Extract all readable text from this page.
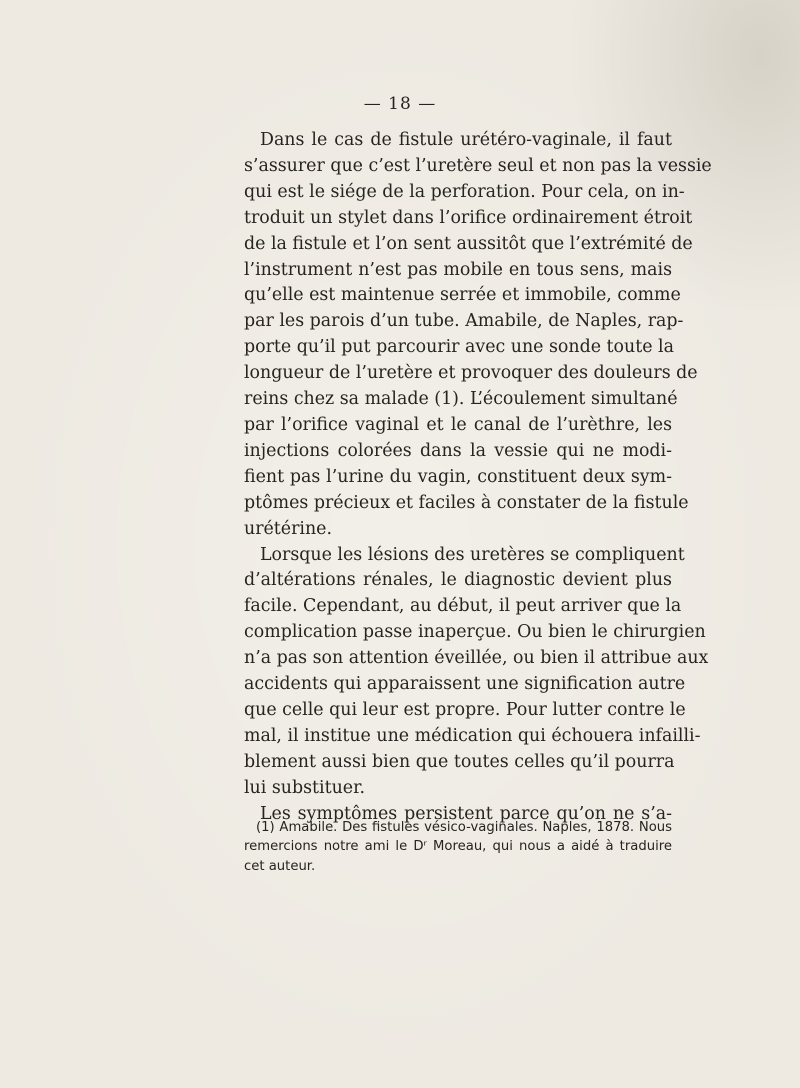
— 18 —
Dans le cas de fistule urétéro-vaginale, il faut
s’assurer que c’est l’uretère seul et non pas la vessie
qui est le siége de la perforation. Pour cela, on in-
troduit un stylet dans l’orifice ordinairement étroit
de la fistule et l’on sent aussitôt que l’extrémité de
l’instrument n’est pas mobile en tous sens, mais
qu’elle est maintenue serrée et immobile, comme
par les parois d’un tube. Amabile, de Naples, rap-
porte qu’il put parcourir avec une sonde toute la
longueur de l’uretère et provoquer des douleurs de
reins chez sa malade (1). L’écoulement simultané
par l’orifice vaginal et le canal de l’urèthre, les
injections colorées dans la vessie qui ne modi-
fient pas l’urine du vagin, constituent deux sym-
ptômes précieux et faciles à constater de la fistule
urétérine.
Lorsque les lésions des uretères se compliquent
d’altérations rénales, le diagnostic devient plus
facile. Cependant, au début, il peut arriver que la
complication passe inaperçue. Ou bien le chirurgien
n’a pas son attention éveillée, ou bien il attribue aux
accidents qui apparaissent une signification autre
que celle qui leur est propre. Pour lutter contre le
mal, il institue une médication qui échouera infailli-
blement aussi bien que toutes celles qu’il pourra
lui substituer.
Les symptômes persistent parce qu’on ne s’a-
(1) Amabile. Des fistules vésico-vaginales. Naples, 1878. Nous
remercions notre ami le Dʳ Moreau, qui nous a aidé à traduire
cet auteur.
